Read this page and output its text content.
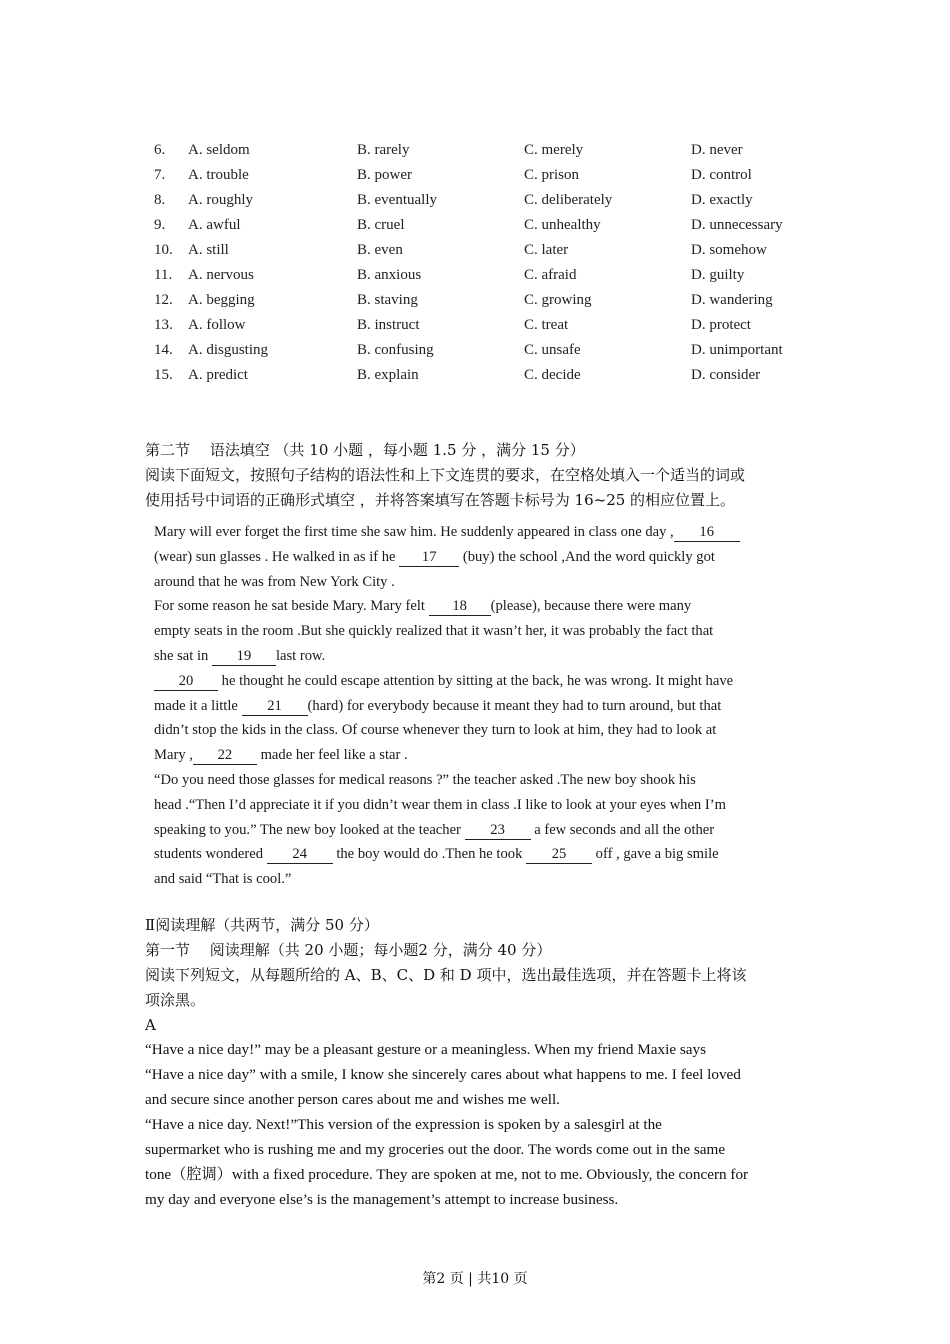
6.	A. seldom	B. rarely	C. merely	D. never
7.	A. trouble	B. power	C. prison	D. control
8.	A. roughly	B. eventually	C. deliberately	D. exactly
9.	A. awful	B. cruel	C. unhealthy	D. unnecessary
10.	A. still	B. even	C. later	D. somehow
11.	A. nervous	B. anxious	C. afraid	D. guilty
12.	A. begging	B. staving	C. growing	D. wandering
13.	A. follow	B. instruct	C. treat	D. protect
14.	A. disgusting	B. confusing	C. unsafe	D. unimportant
15.	A. predict	B. explain	C. decide	D. consider
第二节 　语法填空 （共 10 小题 ，每小题 1.5 分 ，满分 15 分）
阅读下面短文，按照句子结构的语法性和上下文连贯的要求，在空格处填入一个适当的词或
使用括号中词语的正确形式填空 ，并将答案填写在答题卡标号为 16~25 的相应位置上。

Mary will ever forget the first time she saw him. He suddenly appeared in class one day , 16

(wear) sun glasses . He walked in as if he 17 (buy) the school ,And the word quickly got

around that he was from New York City .

For some reason he sat beside Mary. Mary felt 18 (please), because there were many

empty seats in the room .But she quickly realized that it wasn’t her, it was probably the fact that

she sat in 19 last row.

20 he thought he could escape attention by sitting at the back, he was wrong. It might have

made it a little 21 (hard) for everybody because it meant they had to turn around, but that

didn’t stop the kids in the class. Of course whenever they turn to look at him, they had to look at

Mary , 22 made her feel like a star .

“Do you need those glasses for medical reasons ?” the teacher asked .The new boy shook his

head .“Then I’d appreciate it if you didn’t wear them in class .I like to look at your eyes when I’m

speaking to you.” The new boy looked at the teacher 23 a few seconds and all the other

students wondered 24 the boy would do .Then he took 25 off , gave a big smile

and said “That is cool.”

Ⅱ阅读理解（共两节，满分 50 分）
第一节 　阅读理解（共 20 小题；每小题2 分，满分 40 分）
阅读下列短文，从每题所给的 A、B、C、D 和 D 项中，选出最佳选项，并在答题卡上将该
项涂黑。
A

“Have a nice day!” may be a pleasant gesture or a meaningless. When my friend Maxie says

“Have a nice day” with a smile, I know she sincerely cares about what happens to me. I feel loved

and secure since another person cares about me and wishes me well.

“Have a nice day. Next!”This version of the expression is spoken by a salesgirl at the

supermarket who is rushing me and my groceries out the door. The words come out in the same

tone（腔调）with a fixed procedure. They are spoken at me, not to me. Obviously, the concern for

my day and everyone else’s is the management’s attempt to increase business.

第2 页 | 共10 页
